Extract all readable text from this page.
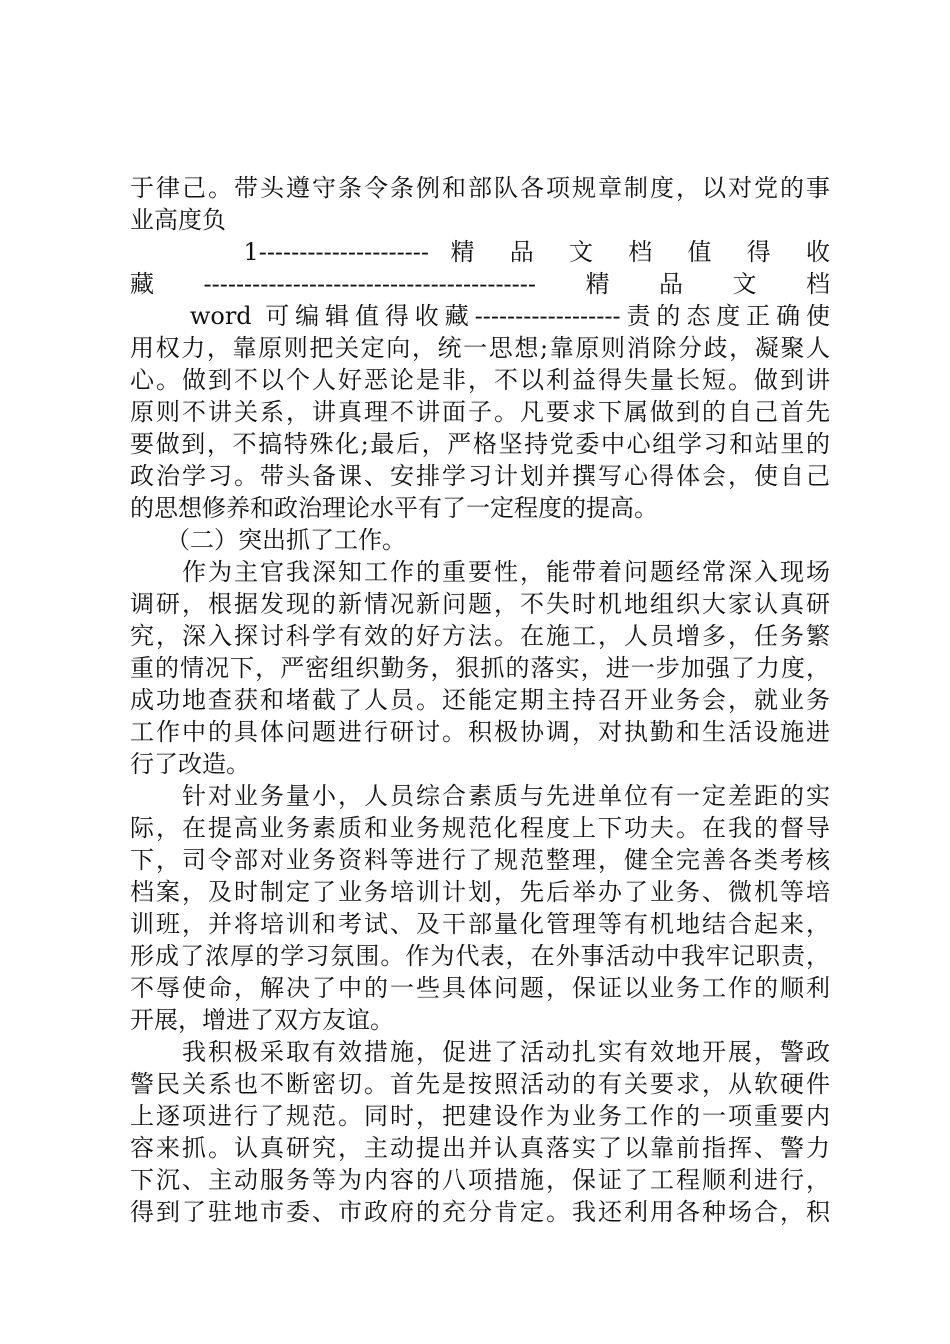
于律己。带头遵守条令条例和部队各项规章制度，以对党的事
业高度负
　　　1--------------------- 精 品 文 档 值 得 收
藏-----------------------------------------精品文档
　　word 可编辑值得收藏------------------责的态度正确使
用权力，靠原则把关定向，统一思想;靠原则消除分歧，凝聚人
心。做到不以个人好恶论是非，不以利益得失量长短。做到讲
原则不讲关系，讲真理不讲面子。凡要求下属做到的自己首先
要做到，不搞特殊化;最后，严格坚持党委中心组学习和站里的
政治学习。带头备课、安排学习计划并撰写心得体会，使自己
的思想修养和政治理论水平有了一定程度的提高。
　　（二）突出抓了工作。
　　作为主官我深知工作的重要性，能带着问题经常深入现场
调研，根据发现的新情况新问题，不失时机地组织大家认真研
究，深入探讨科学有效的好方法。在施工，人员增多，任务繁
重的情况下，严密组织勤务，狠抓的落实，进一步加强了力度，
成功地查获和堵截了人员。还能定期主持召开业务会，就业务
工作中的具体问题进行研讨。积极协调，对执勤和生活设施进
行了改造。
　　针对业务量小，人员综合素质与先进单位有一定差距的实
际，在提高业务素质和业务规范化程度上下功夫。在我的督导
下，司令部对业务资料等进行了规范整理，健全完善各类考核
档案，及时制定了业务培训计划，先后举办了业务、微机等培
训班，并将培训和考试、及干部量化管理等有机地结合起来，
形成了浓厚的学习氛围。作为代表，在外事活动中我牢记职责，
不辱使命，解决了中的一些具体问题，保证以业务工作的顺利
开展，增进了双方友谊。
　　我积极采取有效措施，促进了活动扎实有效地开展，警政
警民关系也不断密切。首先是按照活动的有关要求，从软硬件
上逐项进行了规范。同时，把建设作为业务工作的一项重要内
容来抓。认真研究，主动提出并认真落实了以靠前指挥、警力
下沉、主动服务等为内容的八项措施，保证了工程顺利进行，
得到了驻地市委、市政府的充分肯定。我还利用各种场合，积
